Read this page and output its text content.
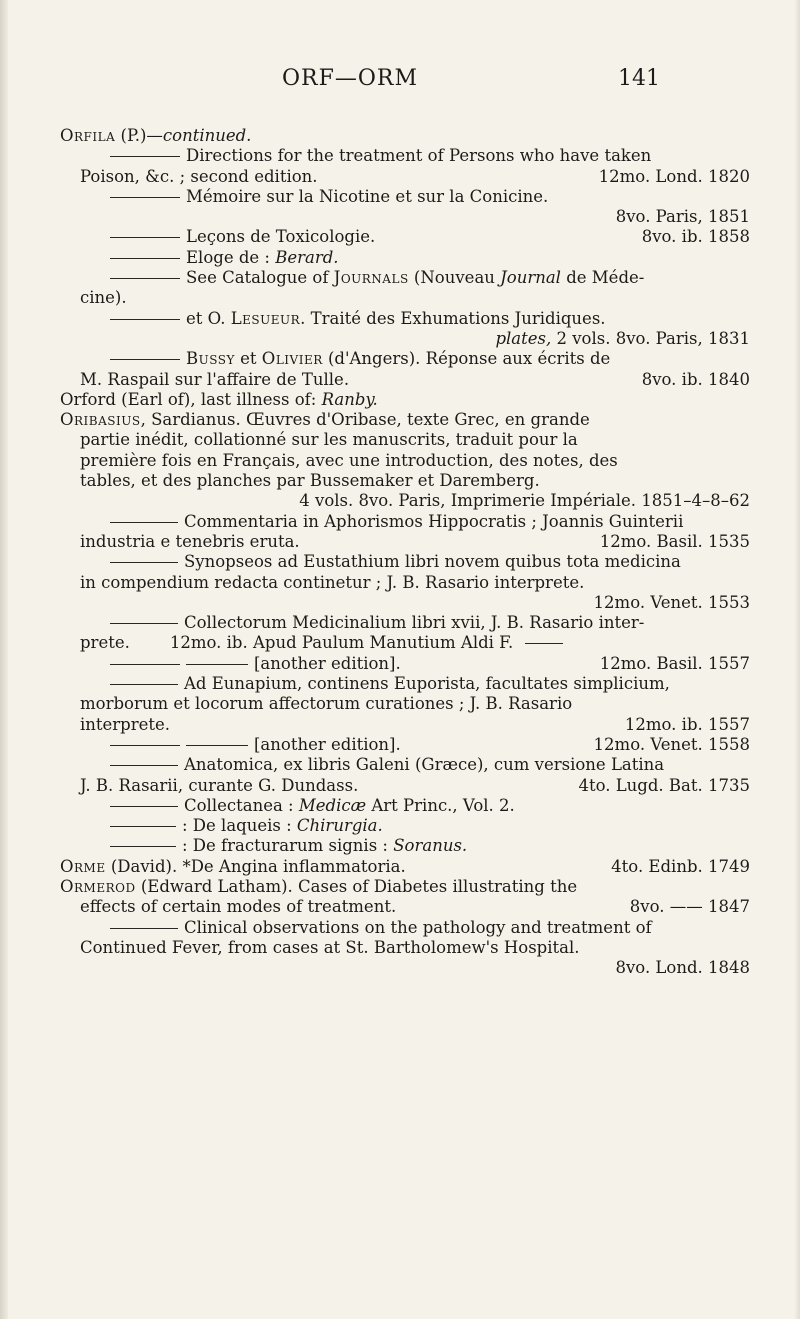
ORF—ORM	141

Orfila (P.)—continued.

Directions for the treatment of Persons who have taken
Poison, &c. ; second edition.	12mo. Lond. 1820

Mémoire sur la Nicotine et sur la Conicine.

8vo. Paris, 1851

Leçons de Toxicologie.	8vo. ib. 1858

Eloge de : Berard.

See Catalogue of Journals (Nouveau Journal de Méde-
cine).

et O. Lesueur. Traité des Exhumations Juridiques.

plates, 2 vols. 8vo. Paris, 1831

Bussy et Olivier (d'Angers). Réponse aux écrits de
M. Raspail sur l'affaire de Tulle.	8vo. ib. 1840

Orford (Earl of), last illness of: Ranby.

Oribasius, Sardianus. Œuvres d'Oribase, texte Grec, en grande
partie inédit, collationné sur les manuscrits, traduit pour la
première fois en Français, avec une introduction, des notes, des
tables, et des planches par Bussemaker et Daremberg.

4 vols. 8vo. Paris, Imprimerie Impériale. 1851–4–8–62

Commentaria in Aphorismos Hippocratis ; Joannis Guinterii
industria e tenebris eruta.	12mo. Basil. 1535

Synopseos ad Eustathium libri novem quibus tota medicina
in compendium redacta continetur ; J. B. Rasario interprete.

12mo. Venet. 1553

Collectorum Medicinalium libri xvii, J. B. Rasario inter-
prete. 12mo. ib. Apud Paulum Manutium Aldi F.

[another edition].	12mo. Basil. 1557

Ad Eunapium, continens Euporista, facultates simplicium,
morborum et locorum affectorum curationes ; J. B. Rasario
interprete.	12mo. ib. 1557

[another edition].	12mo. Venet. 1558

Anatomica, ex libris Galeni (Græce), cum versione Latina
J. B. Rasarii, curante G. Dundass.	4to. Lugd. Bat. 1735

Collectanea : Medicæ Art Princ., Vol. 2.

: De laqueis : Chirurgia.

: De fracturarum signis : Soranus.

Orme (David). *De Angina inflammatoria.	4to. Edinb. 1749

Ormerod (Edward Latham). Cases of Diabetes illustrating the
effects of certain modes of treatment.	8vo. —— 1847

Clinical observations on the pathology and treatment of
Continued Fever, from cases at St. Bartholomew's Hospital.

8vo. Lond. 1848
